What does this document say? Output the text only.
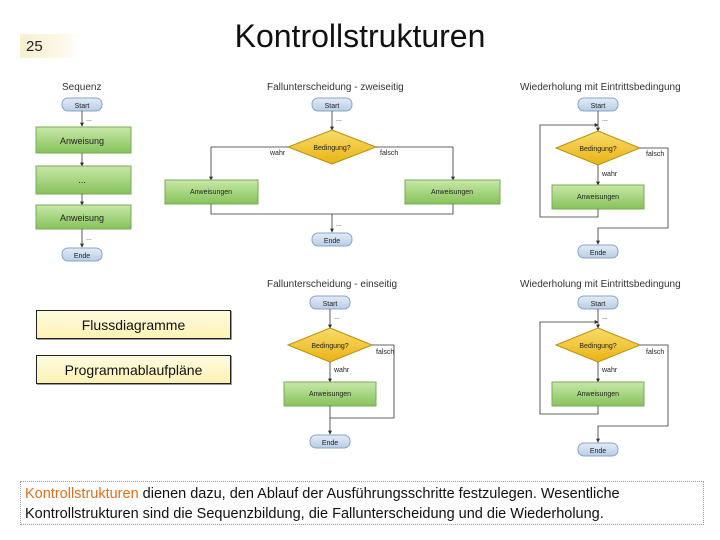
25	Kontrollstrukturen
Sequenz
Start
...
Anweisung
...
Anweisung
...
Ende
Fallunterscheidung - zweiseitig
Start
...
Bedingung?
wahr	falsch
Anweisungen	Anweisungen
...
Ende
Wiederholung mit Eintrittsbedingung
Start
...
Bedingung?
falsch
wahr
Anweisungen
Ende
Fallunterscheidung - einseitig
Start
...
Bedingung?
falsch
wahr
Anweisungen
Ende
Wiederholung mit Eintrittsbedingung
Start
...
Bedingung?
falsch
wahr
Anweisungen
Ende
Flussdiagramme
Programmablaufpläne
Kontrollstrukturen dienen dazu, den Ablauf der Ausführungsschritte festzulegen. Wesentliche Kontrollstrukturen sind die Sequenzbildung, die Fallunterscheidung und die Wiederholung.
